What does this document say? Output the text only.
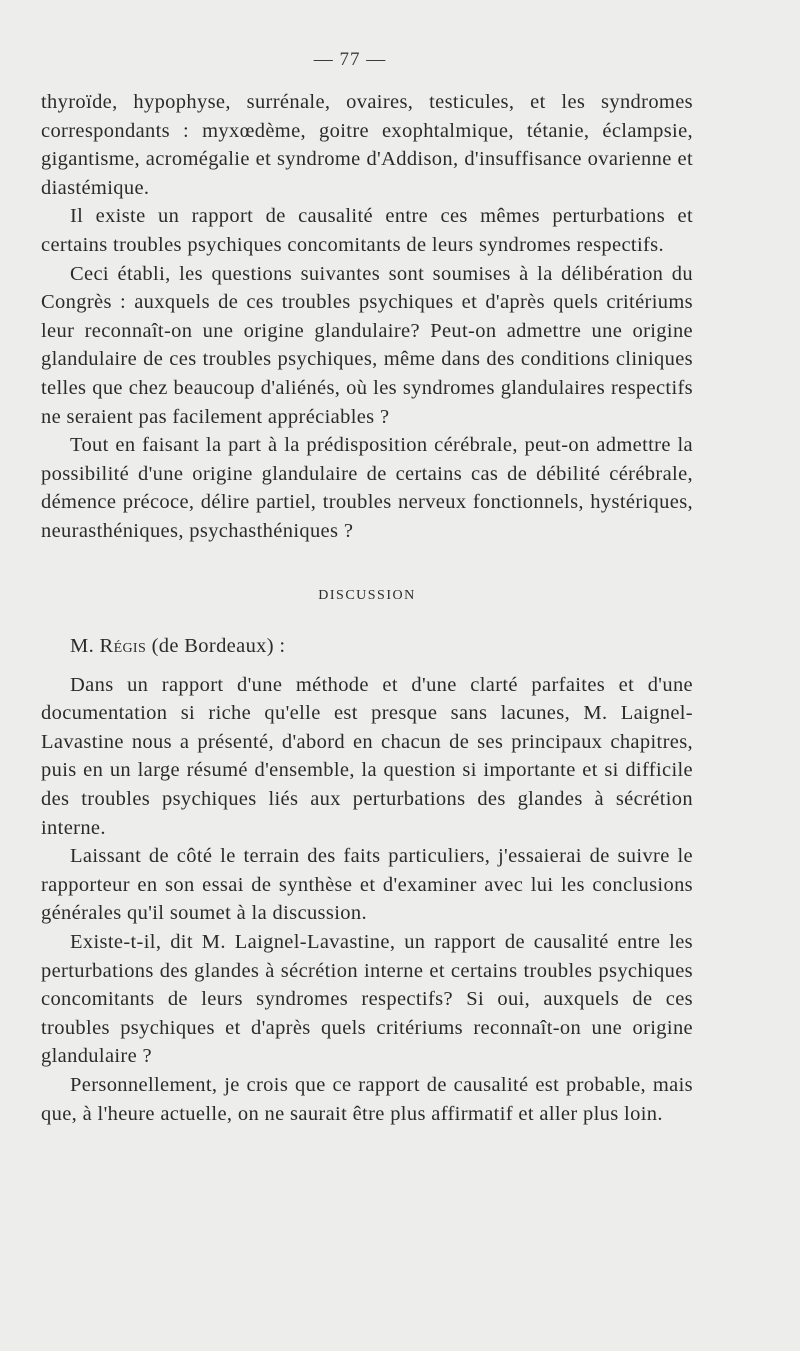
— 77 —

thyroïde, hypophyse, surrénale, ovaires, testicules, et les syndromes correspondants : myxœdème, goitre exophtalmique, tétanie, éclampsie, gigantisme, acromégalie et syndrome d'Addison, d'insuffisance ovarienne et diastémique.

Il existe un rapport de causalité entre ces mêmes perturbations et certains troubles psychiques concomitants de leurs syndromes respectifs.

Ceci établi, les questions suivantes sont soumises à la délibération du Congrès : auxquels de ces troubles psychiques et d'après quels critériums leur reconnaît-on une origine glandulaire? Peut-on admettre une origine glandulaire de ces troubles psychiques, même dans des conditions cliniques telles que chez beaucoup d'aliénés, où les syndromes glandulaires respectifs ne seraient pas facilement appréciables ?

Tout en faisant la part à la prédisposition cérébrale, peut-on admettre la possibilité d'une origine glandulaire de certains cas de débilité cérébrale, démence précoce, délire partiel, troubles nerveux fonctionnels, hystériques, neurasthéniques, psychasthéniques ?

DISCUSSION

M. Régis (de Bordeaux) :

Dans un rapport d'une méthode et d'une clarté parfaites et d'une documentation si riche qu'elle est presque sans lacunes, M. Laignel-Lavastine nous a présenté, d'abord en chacun de ses principaux chapitres, puis en un large résumé d'ensemble, la question si importante et si difficile des troubles psychiques liés aux perturbations des glandes à sécrétion interne.

Laissant de côté le terrain des faits particuliers, j'essaierai de suivre le rapporteur en son essai de synthèse et d'examiner avec lui les conclusions générales qu'il soumet à la discussion.

Existe-t-il, dit M. Laignel-Lavastine, un rapport de causalité entre les perturbations des glandes à sécrétion interne et certains troubles psychiques concomitants de leurs syndromes respectifs? Si oui, auxquels de ces troubles psychiques et d'après quels critériums reconnaît-on une origine glandulaire ?

Personnellement, je crois que ce rapport de causalité est probable, mais que, à l'heure actuelle, on ne saurait être plus affirmatif et aller plus loin.
